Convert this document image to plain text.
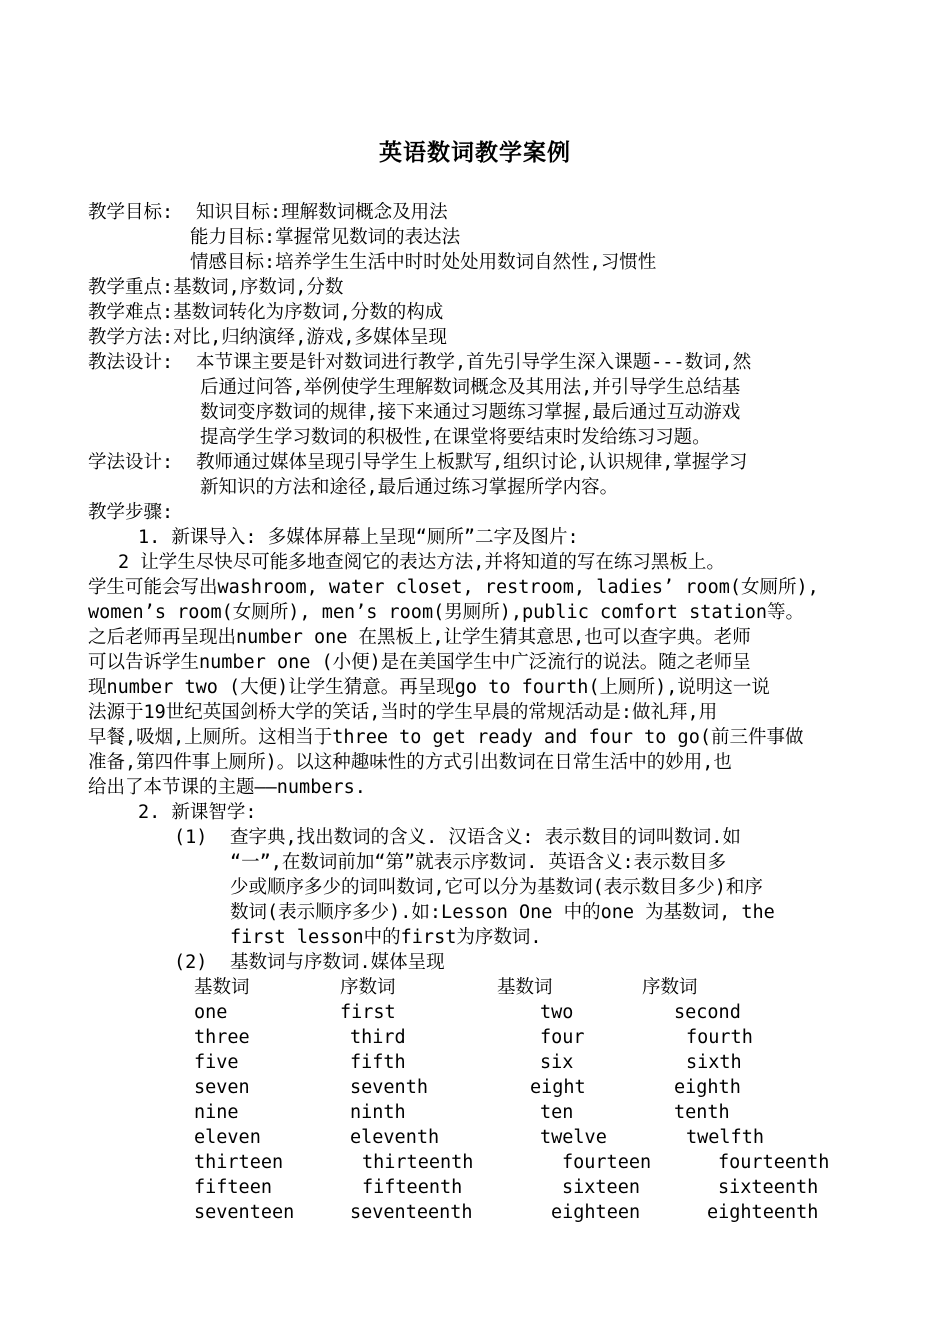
英语数词教学案例
教学目标: 知识目标:理解数词概念及用法
能力目标:掌握常见数词的表达法
情感目标:培养学生生活中时时处处用数词自然性,习惯性
教学重点:基数词,序数词,分数
教学难点:基数词转化为序数词,分数的构成
教学方法:对比,归纳演绎,游戏,多媒体呈现
教法设计: 本节课主要是针对数词进行教学,首先引导学生深入课题---数词,然
后通过问答,举例使学生理解数词概念及其用法,并引导学生总结基
数词变序数词的规律,接下来通过习题练习掌握,最后通过互动游戏
提高学生学习数词的积极性,在课堂将要结束时发给练习习题。
学法设计: 教师通过媒体呈现引导学生上板默写,组织讨论,认识规律,掌握学习
新知识的方法和途径,最后通过练习掌握所学内容。
教学步骤:
1. 新课导入: 多媒体屏幕上呈现“厕所”二字及图片:
2 让学生尽快尽可能多地查阅它的表达方法,并将知道的写在练习黑板上。
学生可能会写出washroom, water closet, restroom, ladies’ room(女厕所),
women’s room(女厕所), men’s room(男厕所),public comfort station等。
之后老师再呈现出number one 在黑板上,让学生猜其意思,也可以查字典。老师
可以告诉学生number one (小便)是在美国学生中广泛流行的说法。随之老师呈
现number two (大便)让学生猜意。再呈现go to fourth(上厕所),说明这一说
法源于19世纪英国剑桥大学的笑话,当时的学生早晨的常规活动是:做礼拜,用
早餐,吸烟,上厕所。这相当于three to get ready and four to go(前三件事做
准备,第四件事上厕所)。以这种趣味性的方式引出数词在日常生活中的妙用,也
给出了本节课的主题——numbers.
2. 新课智学:
(1) 查字典,找出数词的含义. 汉语含义: 表示数目的词叫数词.如
“一”,在数词前加“第”就表示序数词. 英语含义:表示数目多
少或顺序多少的词叫数词,它可以分为基数词(表示数目多少)和序
数词(表示顺序多少).如:Lesson One 中的one 为基数词, the
first lesson中的first为序数词.
(2) 基数词与序数词.媒体呈现
基数词	序数词	基数词	序数词
one	first	two	second
three	third	four	fourth
five	fifth	six	sixth
seven	seventh	eight	eighth
nine	ninth	ten	tenth
eleven	eleventh	twelve	twelfth
thirteen	thirteenth	fourteen	fourteenth
fifteen	fifteenth	sixteen	sixteenth
seventeen	seventeenth	eighteen	eighteenth
